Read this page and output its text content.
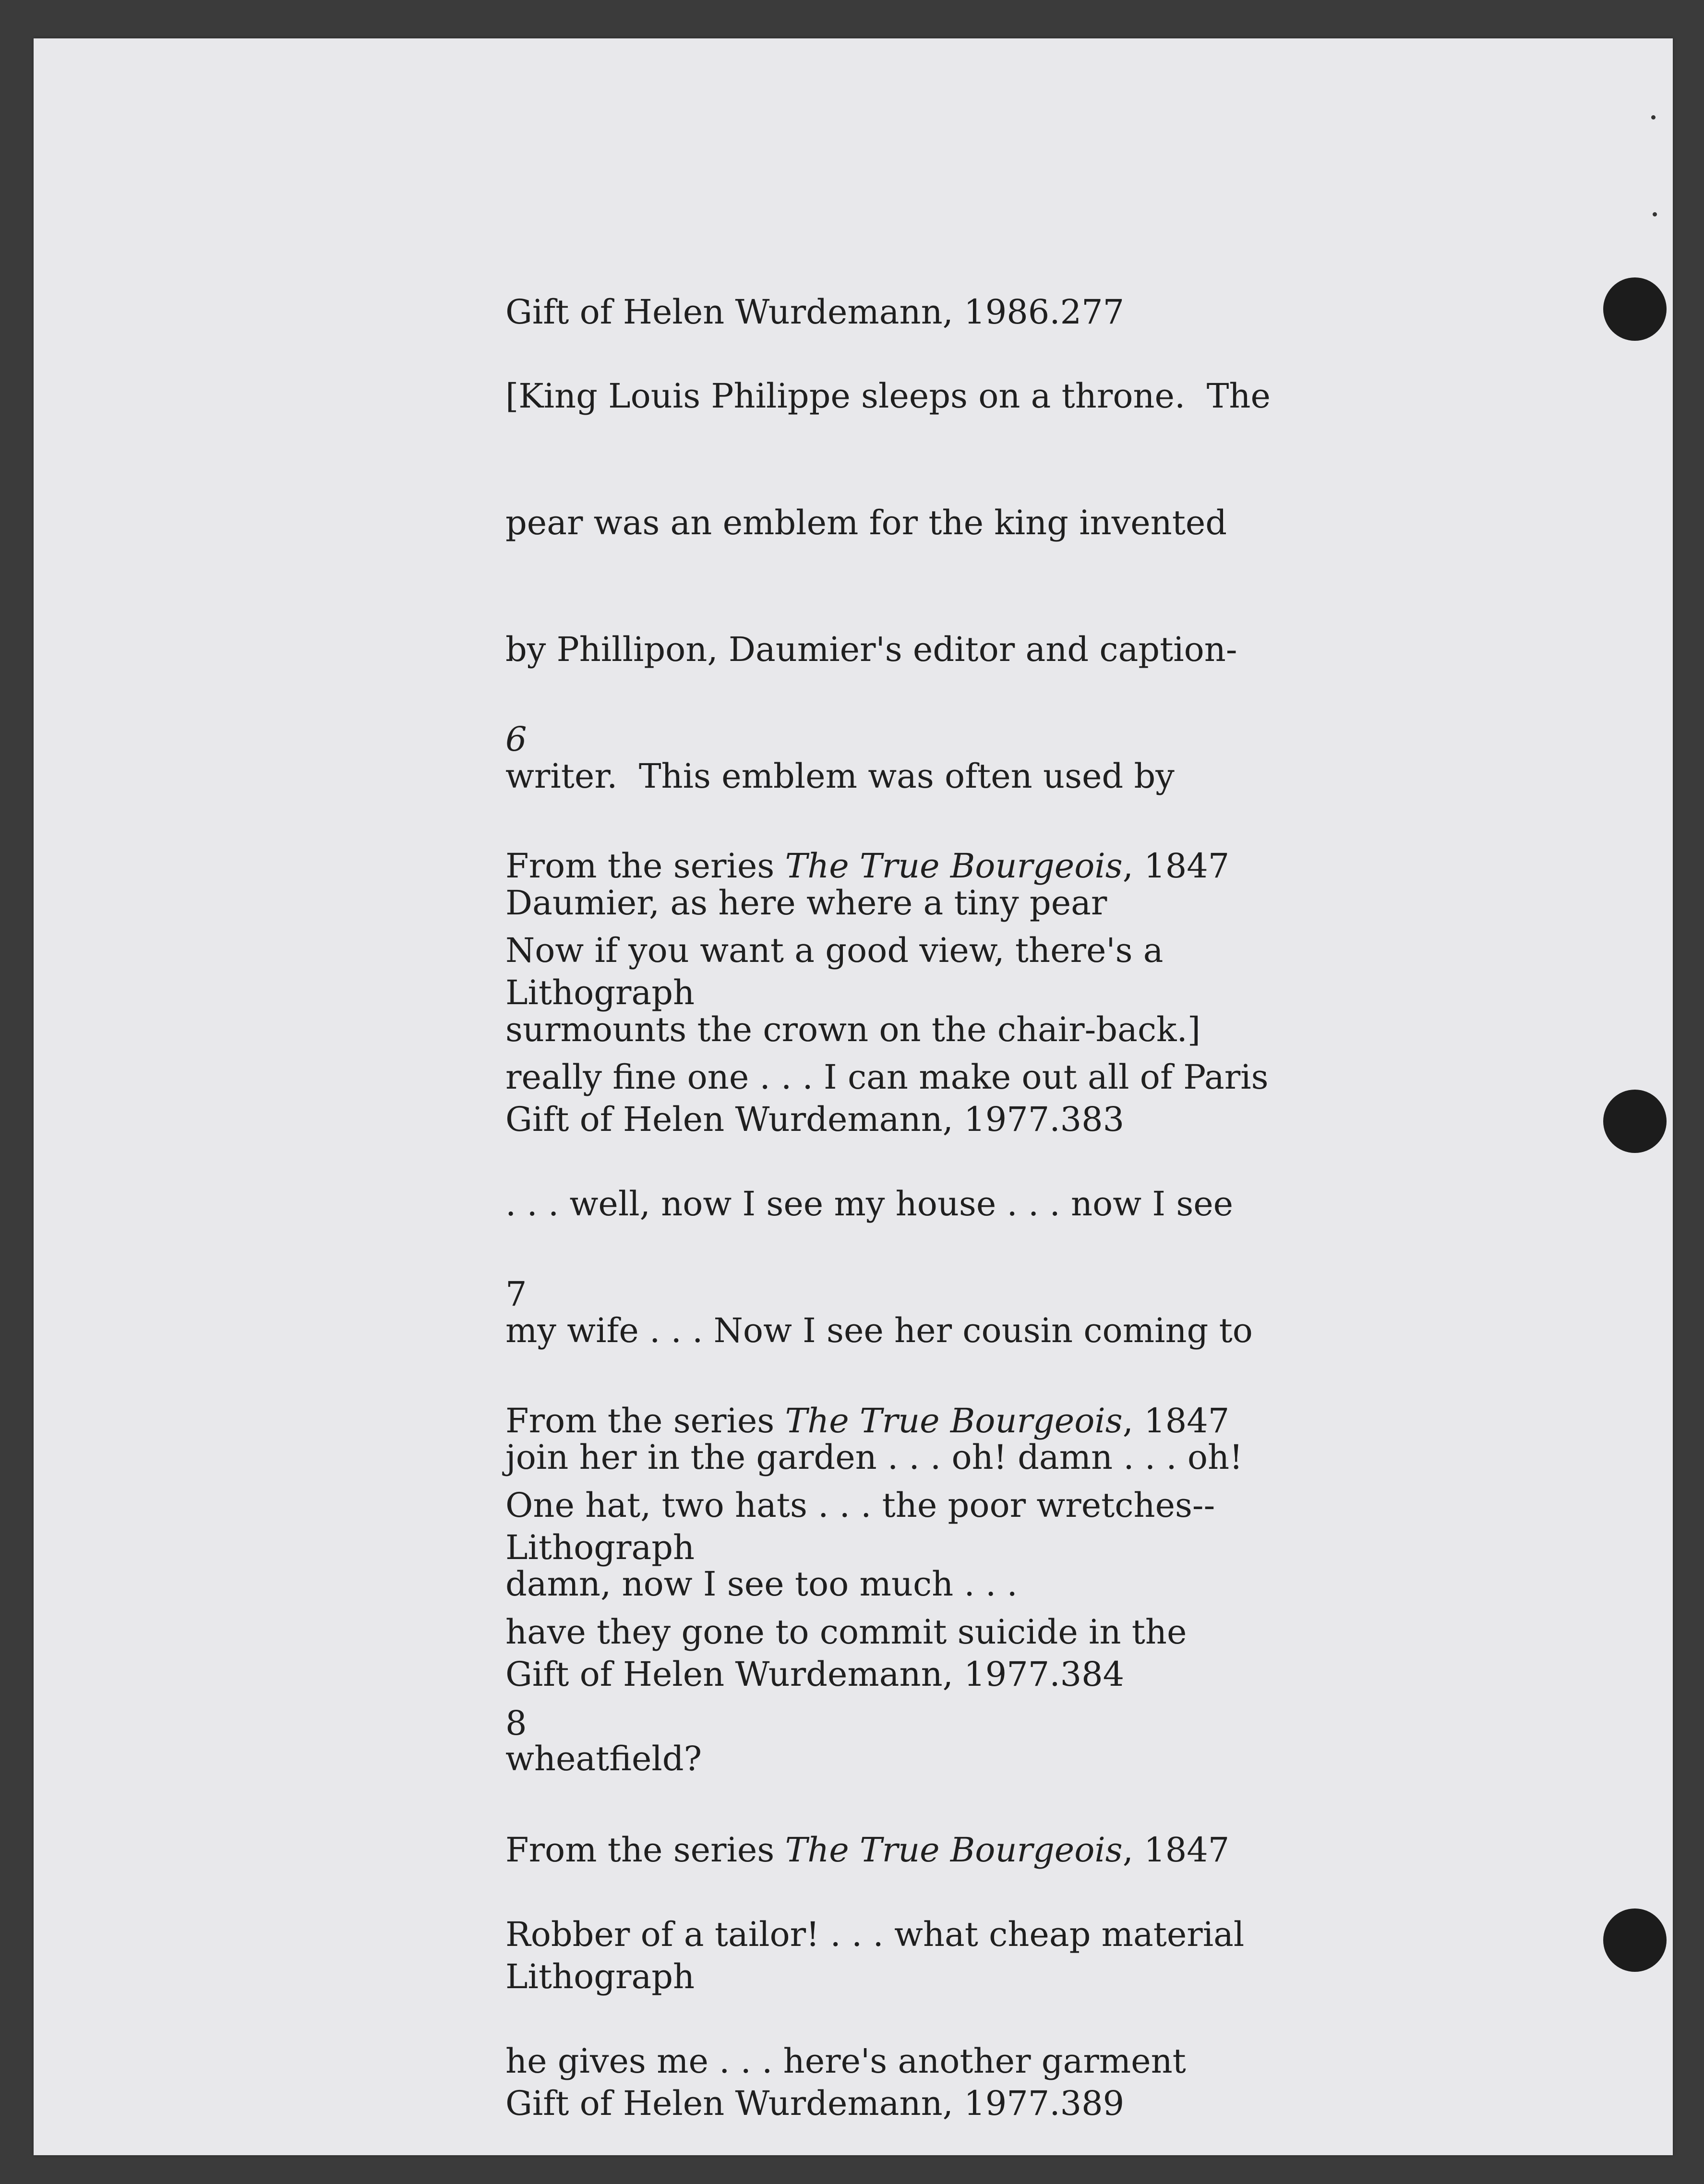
Gift of Helen Wurdemann, 1986.277

[King Louis Philippe sleeps on a throne.  The

pear was an emblem for the king invented

by Phillipon, Daumier's editor and caption-

writer.  This emblem was often used by

Daumier, as here where a tiny pear

surmounts the crown on the chair-back.]

6

From the series The True Bourgeois, 1847

Lithograph

Gift of Helen Wurdemann, 1977.383

Now if you want a good view, there's a

really fine one . . . I can make out all of Paris

. . . well, now I see my house . . . now I see

my wife . . . Now I see her cousin coming to

join her in the garden . . . oh! damn . . . oh!

damn, now I see too much . . .

7

From the series The True Bourgeois, 1847

Lithograph

Gift of Helen Wurdemann, 1977.384

One hat, two hats . . . the poor wretches--

have they gone to commit suicide in the

wheatfield?

8

From the series The True Bourgeois, 1847

Lithograph

Gift of Helen Wurdemann, 1977.389

Robber of a tailor! . . . what cheap material

he gives me . . . here's another garment
